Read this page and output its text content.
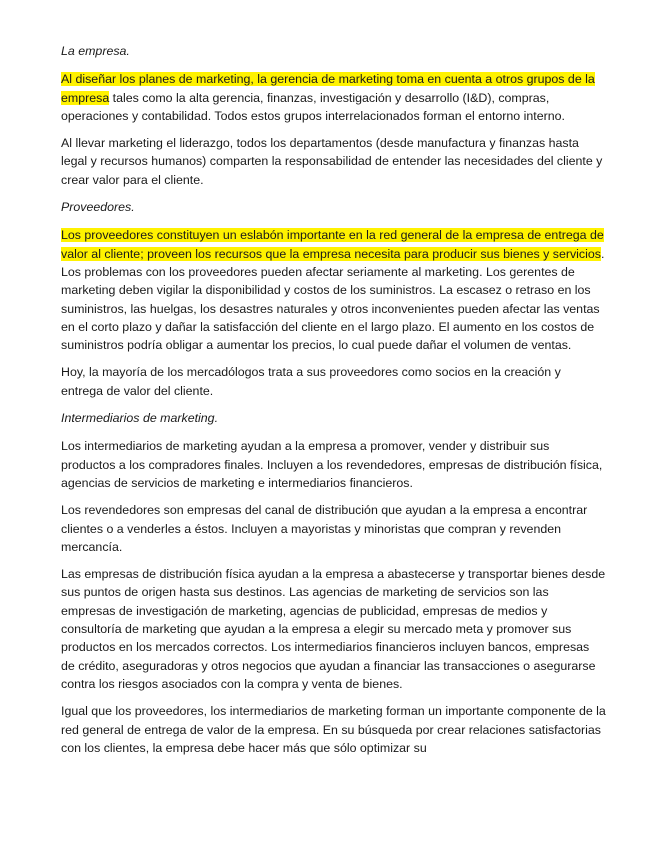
La empresa.

Al diseñar los planes de marketing, la gerencia de marketing toma en cuenta a otros grupos de la empresa tales como la alta gerencia, finanzas, investigación y desarrollo (I&D), compras, operaciones y contabilidad. Todos estos grupos interrelacionados forman el entorno interno.

Al llevar marketing el liderazgo, todos los departamentos (desde manufactura y finanzas hasta legal y recursos humanos) comparten la responsabilidad de entender las necesidades del cliente y crear valor para el cliente.

Proveedores.

Los proveedores constituyen un eslabón importante en la red general de la empresa de entrega de valor al cliente; proveen los recursos que la empresa necesita para producir sus bienes y servicios. Los problemas con los proveedores pueden afectar seriamente al marketing. Los gerentes de marketing deben vigilar la disponibilidad y costos de los suministros. La escasez o retraso en los suministros, las huelgas, los desastres naturales y otros inconvenientes pueden afectar las ventas en el corto plazo y dañar la satisfacción del cliente en el largo plazo. El aumento en los costos de suministros podría obligar a aumentar los precios, lo cual puede dañar el volumen de ventas.

Hoy, la mayoría de los mercadólogos trata a sus proveedores como socios en la creación y entrega de valor del cliente.

Intermediarios de marketing.

Los intermediarios de marketing ayudan a la empresa a promover, vender y distribuir sus productos a los compradores finales. Incluyen a los revendedores, empresas de distribución física, agencias de servicios de marketing e intermediarios financieros.

Los revendedores son empresas del canal de distribución que ayudan a la empresa a encontrar clientes o a venderles a éstos. Incluyen a mayoristas y minoristas que compran y revenden mercancía.

Las empresas de distribución física ayudan a la empresa a abastecerse y transportar bienes desde sus puntos de origen hasta sus destinos. Las agencias de marketing de servicios son las empresas de investigación de marketing, agencias de publicidad, empresas de medios y consultoría de marketing que ayudan a la empresa a elegir su mercado meta y promover sus productos en los mercados correctos. Los intermediarios financieros incluyen bancos, empresas de crédito, aseguradoras y otros negocios que ayudan a financiar las transacciones o asegurarse contra los riesgos asociados con la compra y venta de bienes.

Igual que los proveedores, los intermediarios de marketing forman un importante componente de la red general de entrega de valor de la empresa. En su búsqueda por crear relaciones satisfactorias con los clientes, la empresa debe hacer más que sólo optimizar su
